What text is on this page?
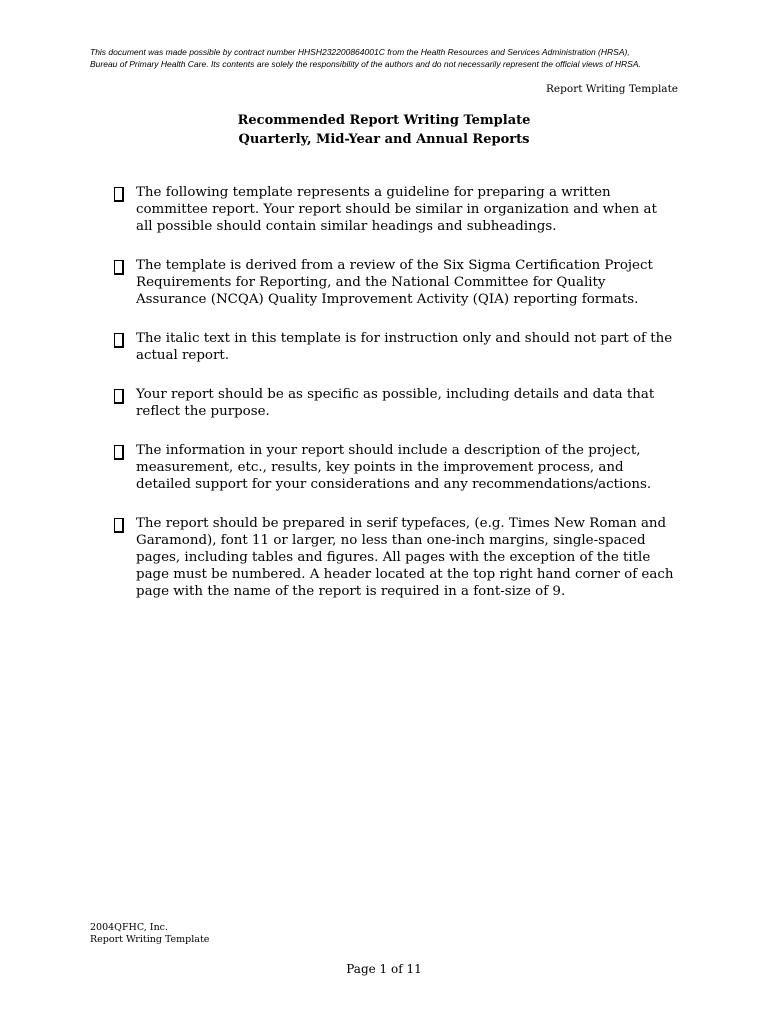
This document was made possible by contract number HHSH232200864001C from the Health Resources and Services Administration (HRSA), Bureau of Primary Health Care. Its contents are solely the responsibility of the authors and do not necessarily represent the official views of HRSA.

Report Writing Template

Recommended Report Writing Template
Quarterly, Mid-Year and Annual Reports

The following template represents a guideline for preparing a written committee report. Your report should be similar in organization and when at all possible should contain similar headings and subheadings.

The template is derived from a review of the Six Sigma Certification Project Requirements for Reporting, and the National Committee for Quality Assurance (NCQA) Quality Improvement Activity (QIA) reporting formats.

The italic text in this template is for instruction only and should not part of the actual report.

Your report should be as specific as possible, including details and data that reflect the purpose.

The information in your report should include a description of the project, measurement, etc., results, key points in the improvement process, and detailed support for your considerations and any recommendations/actions.

The report should be prepared in serif typefaces, (e.g. Times New Roman and Garamond), font 11 or larger, no less than one-inch margins, single-spaced pages, including tables and figures. All pages with the exception of the title page must be numbered. A header located at the top right hand corner of each page with the name of the report is required in a font-size of 9.

2004QFHC, Inc.
Report Writing Template

Page 1 of 11
